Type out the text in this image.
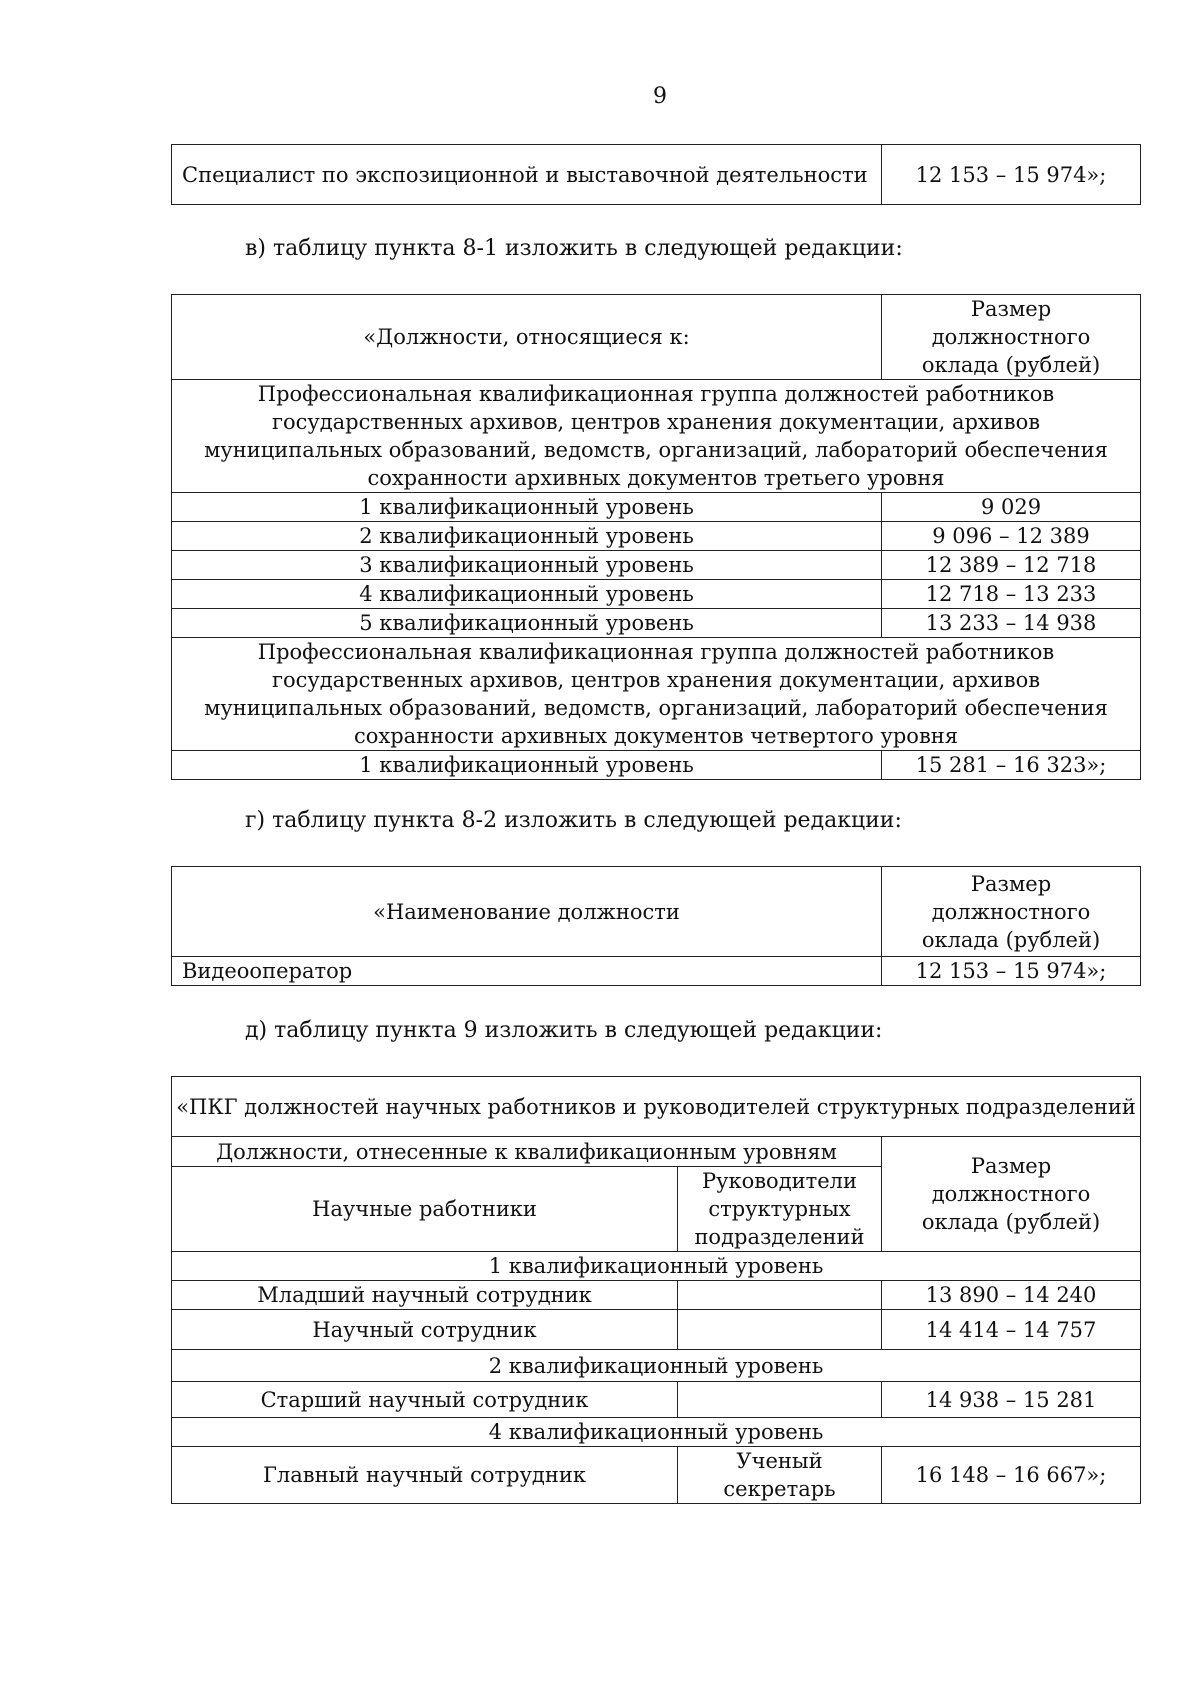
9
Специалист по экспозиционной и выставочной деятельности	12 153 – 15 974»;
в) таблицу пункта 8-1 изложить в следующей редакции:
«Должности, относящиеся к:	Размер должностного оклада (рублей)
Профессиональная квалификационная группа должностей работников государственных архивов, центров хранения документации, архивов муниципальных образований, ведомств, организаций, лабораторий обеспечения сохранности архивных документов третьего уровня	
1 квалификационный уровень	9 029
2 квалификационный уровень	9 096 – 12 389
3 квалификационный уровень	12 389 – 12 718
4 квалификационный уровень	12 718 – 13 233
5 квалификационный уровень	13 233 – 14 938
Профессиональная квалификационная группа должностей работников государственных архивов, центров хранения документации, архивов муниципальных образований, ведомств, организаций, лабораторий обеспечения сохранности архивных документов четвертого уровня	
1 квалификационный уровень	15 281 – 16 323»;
г) таблицу пункта 8-2 изложить в следующей редакции:
«Наименование должности	Размер должностного оклада (рублей)
Видеооператор	12 153 – 15 974»;
д) таблицу пункта 9 изложить в следующей редакции:
«ПКГ должностей научных работников и руководителей структурных подразделений		
Должности, отнесенные к квалификационным уровням		Размер должностного оклада (рублей)
Научные работники	Руководители структурных подразделений	
1 квалификационный уровень		
Младший научный сотрудник		13 890 – 14 240
Научный сотрудник		14 414 – 14 757
2 квалификационный уровень		
Старший научный сотрудник		14 938 – 15 281
4 квалификационный уровень		
Главный научный сотрудник	Ученый секретарь	16 148 – 16 667»;
